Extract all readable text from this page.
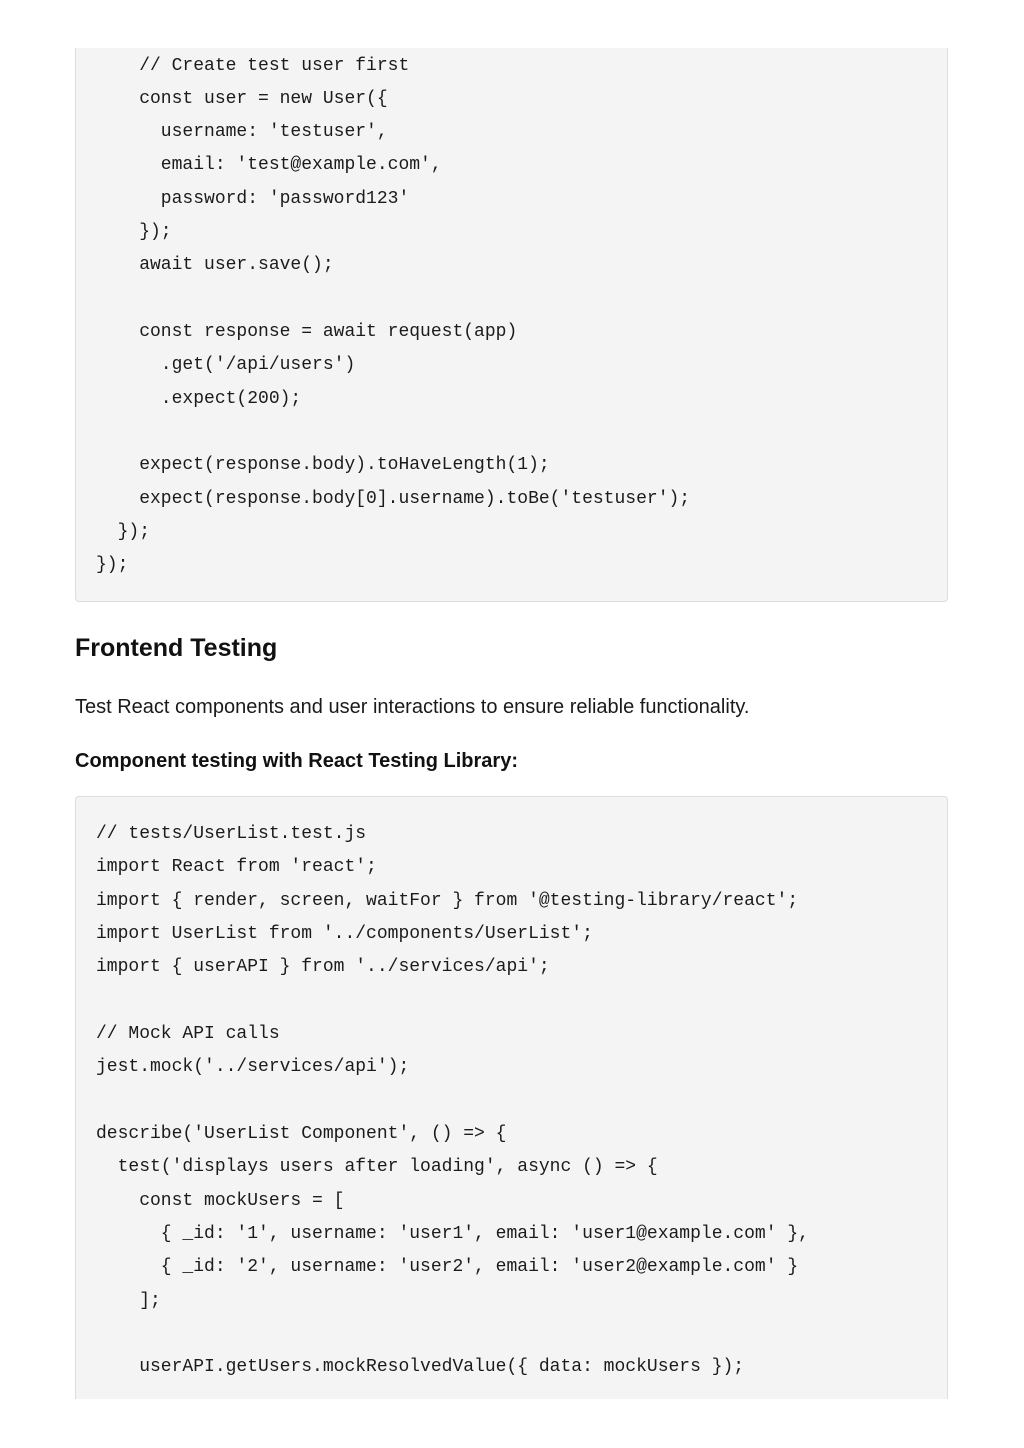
// Create test user first
const user = new User({
username: 'testuser',
email: 'test@example.com',
password: 'password123'
});
await user.save();
const response = await request(app)
.get('/api/users')
.expect(200);
expect(response.body).toHaveLength(1);
expect(response.body[0].username).toBe('testuser');
});
});
Frontend Testing

Test React components and user interactions to ensure reliable functionality.

Component testing with React Testing Library:

// tests/UserList.test.js
import React from 'react';
import { render, screen, waitFor } from '@testing-library/react';
import UserList from '../components/UserList';
import { userAPI } from '../services/api';
// Mock API calls
jest.mock('../services/api');
describe('UserList Component', () => {
test('displays users after loading', async () => {
const mockUsers = [
{ _id: '1', username: 'user1', email: 'user1@example.com' },
{ _id: '2', username: 'user2', email: 'user2@example.com' }
];
userAPI.getUsers.mockResolvedValue({ data: mockUsers });
